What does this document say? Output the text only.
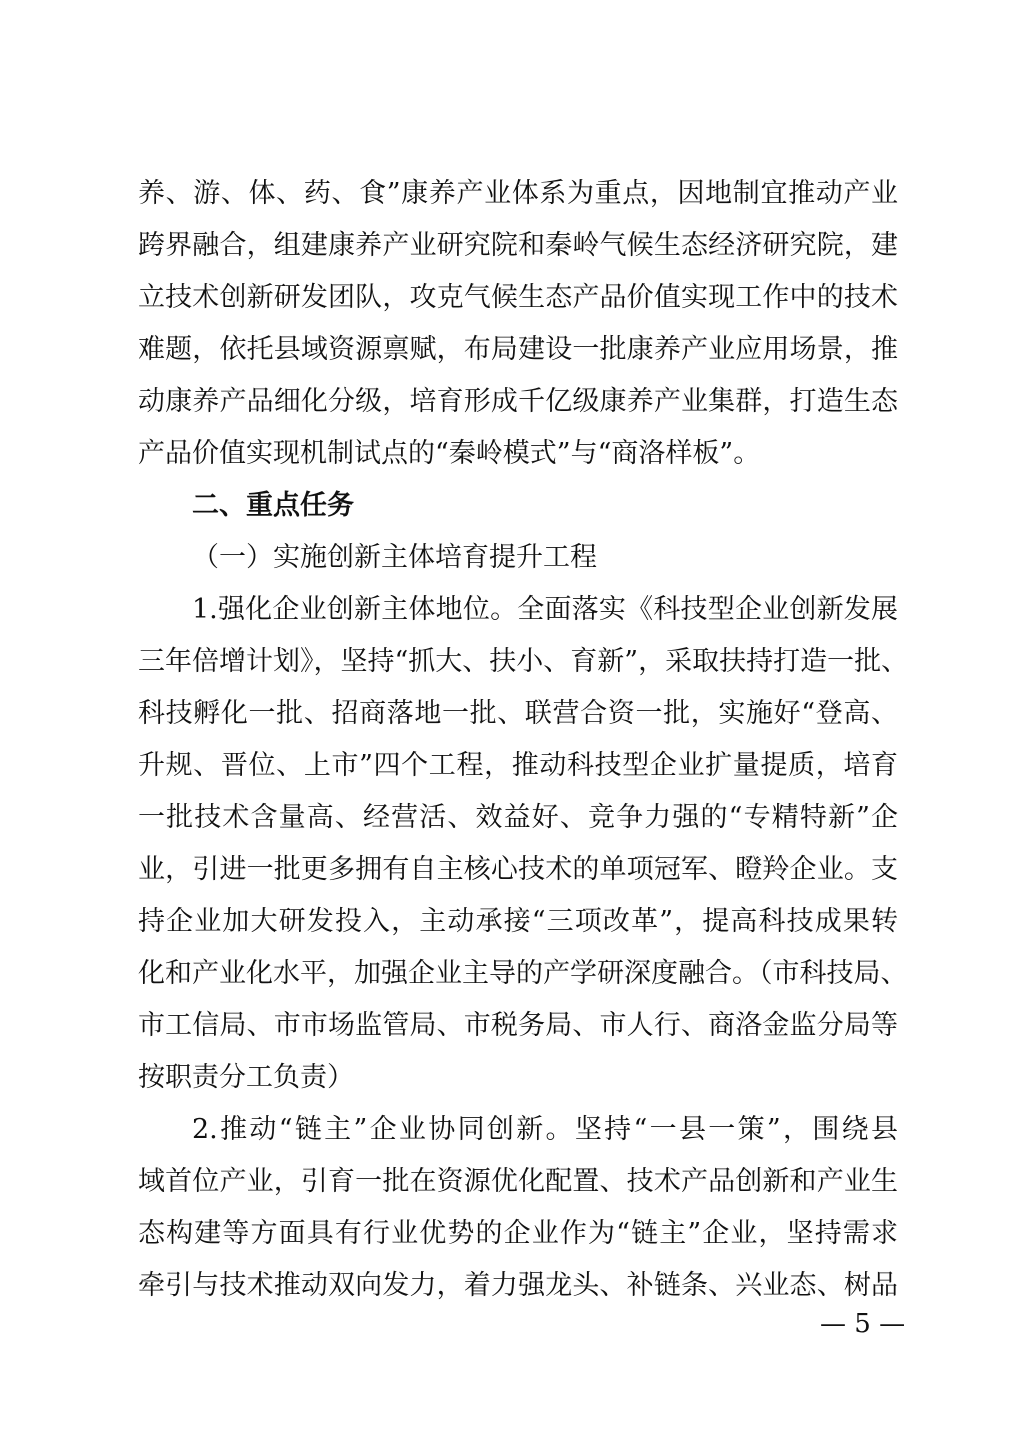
养、游、体、药、食”康养产业体系为重点，因地制宜推动产业
跨界融合，组建康养产业研究院和秦岭气候生态经济研究院，建
立技术创新研发团队，攻克气候生态产品价值实现工作中的技术
难题，依托县域资源禀赋，布局建设一批康养产业应用场景，推
动康养产品细化分级，培育形成千亿级康养产业集群，打造生态
产品价值实现机制试点的“秦岭模式”与“商洛样板”。
二、重点任务
（一）实施创新主体培育提升工程
1.强化企业创新主体地位。全面落实《科技型企业创新发展
三年倍增计划》，坚持“抓大、扶小、育新”，采取扶持打造一批、
科技孵化一批、招商落地一批、联营合资一批，实施好“登高、
升规、晋位、上市”四个工程，推动科技型企业扩量提质，培育
一批技术含量高、经营活、效益好、竞争力强的“专精特新”企
业，引进一批更多拥有自主核心技术的单项冠军、瞪羚企业。支
持企业加大研发投入，主动承接“三项改革”，提高科技成果转
化和产业化水平，加强企业主导的产学研深度融合。（市科技局、
市工信局、市市场监管局、市税务局、市人行、商洛金监分局等
按职责分工负责）
2.推动“链主”企业协同创新。坚持“一县一策”，围绕县
域首位产业，引育一批在资源优化配置、技术产品创新和产业生
态构建等方面具有行业优势的企业作为“链主”企业，坚持需求
牵引与技术推动双向发力，着力强龙头、补链条、兴业态、树品
— 5 —
